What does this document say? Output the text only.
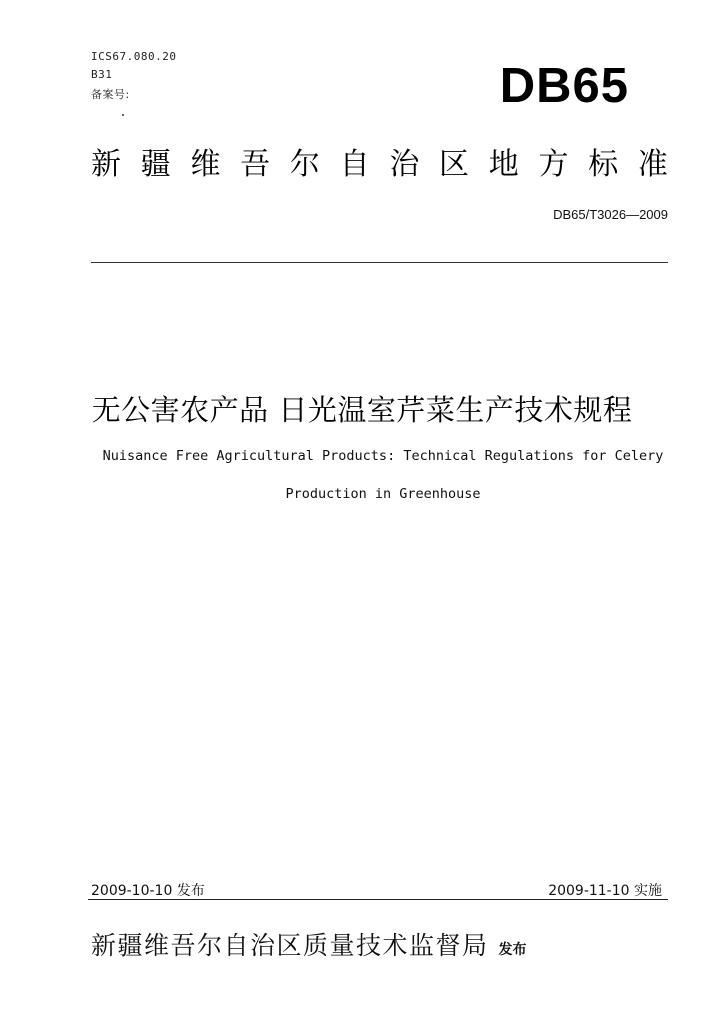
ICS67.080.20
B31
备案号:	DB65
新 疆 维 吾 尔 自 治 区 地 方 标 准
DB65/T3026—2009
无公害农产品 日光温室芹菜生产技术规程
Nuisance Free Agricultural Products: Technical Regulations for Celery
Production in Greenhouse
2009-10-10 发布	2009-11-10 实施
新疆维吾尔自治区质量技术监督局 发布
